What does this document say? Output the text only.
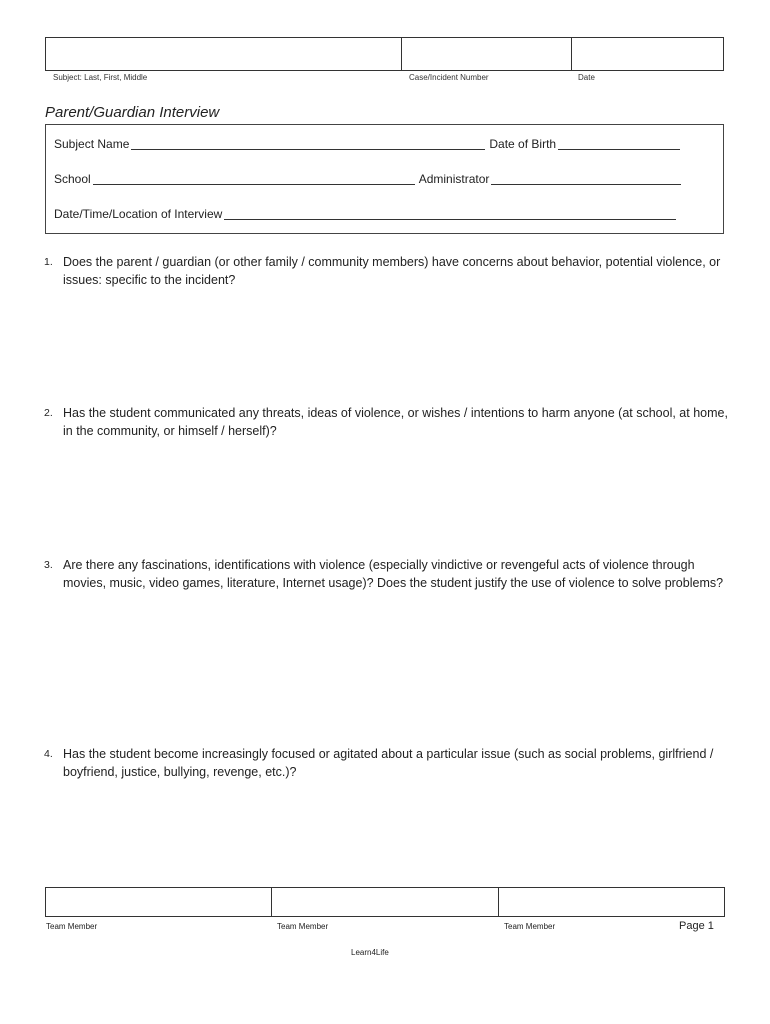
Subject: Last, First, Middle	Case/Incident Number	Date
Parent/Guardian Interview
Subject Name	Date of Birth
School	Administrator
Date/Time/Location of Interview
1. Does the parent / guardian (or other family / community members) have concerns about behavior, potential violence, or issues: specific to the incident?
2. Has the student communicated any threats, ideas of violence, or wishes / intentions to harm anyone (at school, at home, in the community, or himself / herself)?
3. Are there any fascinations, identifications with violence (especially vindictive or revengeful acts of violence through movies, music, video games, literature, Internet usage)? Does the student justify the use of violence to solve problems?
4. Has the student become increasingly focused or agitated about a particular issue (such as social problems, girlfriend / boyfriend, justice, bullying, revenge, etc.)?
Team Member	Team Member	Team Member	Page 1
Learn4Life
